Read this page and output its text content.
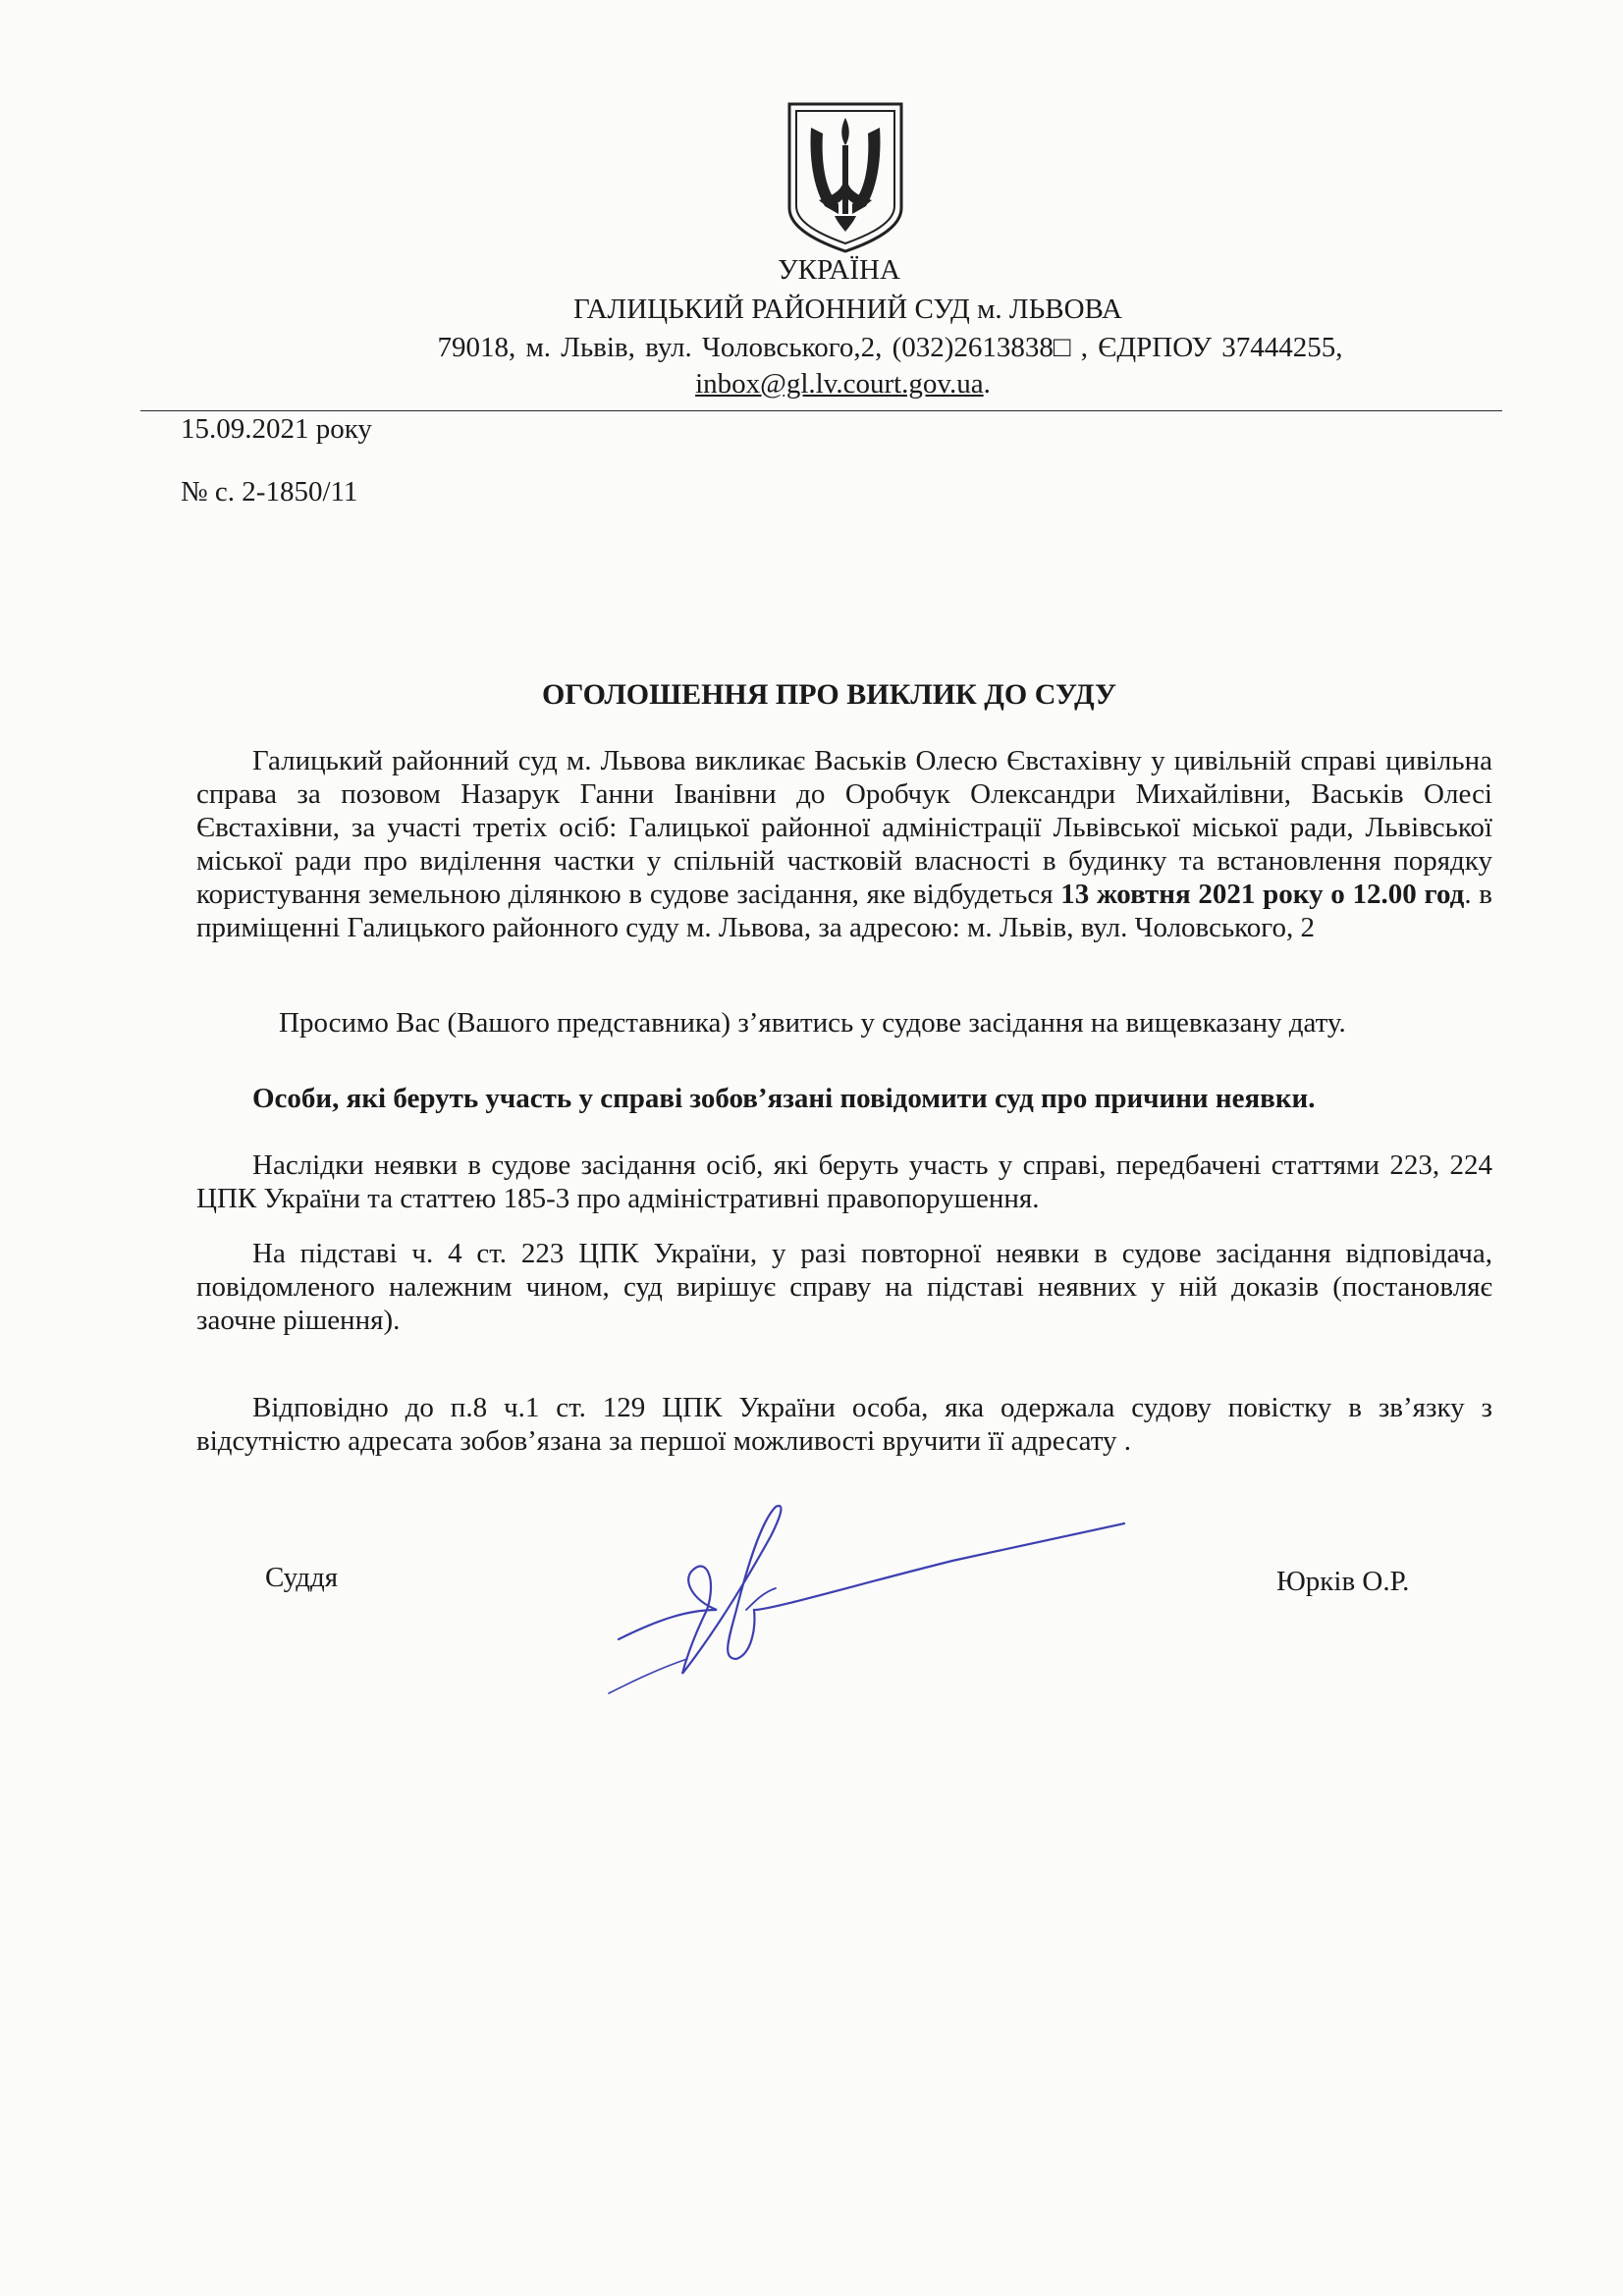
УКРАЇНА
ГАЛИЦЬКИЙ РАЙОННИЙ СУД м. ЛЬВОВА
79018, м. Львів, вул. Чоловського,2, (032)2613838□ , ЄДРПОУ 37444255,
inbox@gl.lv.court.gov.ua.
15.09.2021 року
№ с. 2-1850/11
ОГОЛОШЕННЯ ПРО ВИКЛИК ДО СУДУ
Галицький районний суд м. Львова викликає Васьків Олесю Євстахівну у цивільній справі цивільна справа за позовом Назарук Ганни Іванівни до Оробчук Олександри Михайлівни, Васьків Олесі Євстахівни, за участі третіх осіб: Галицької районної адміністрації Львівської міської ради, Львівської міської ради про виділення частки у спільній частковій власності в будинку та встановлення порядку користування земельною ділянкою в судове засідання, яке відбудеться 13 жовтня 2021 року о 12.00 год. в приміщенні Галицького районного суду м. Львова, за адресою: м. Львів, вул. Чоловського, 2
Просимо Вас (Вашого представника) з’явитись у судове засідання на вищевказану дату.
Особи, які беруть участь у справі зобов’язані повідомити суд про причини неявки.
Наслідки неявки в судове засідання осіб, які беруть участь у справі, передбачені статтями 223, 224 ЦПК України та статтею 185-3 про адміністративні правопорушення.
На підставі ч. 4 ст. 223 ЦПК України, у разі повторної неявки в судове засідання відповідача, повідомленого належним чином, суд вирішує справу на підставі неявних у ній доказів (постановляє заочне рішення).
Відповідно до п.8 ч.1 ст. 129 ЦПК України особа, яка одержала судову повістку в зв’язку з відсутністю адресата зобов’язана за першої можливості вручити її адресату .
Суддя	Юрків О.Р.
